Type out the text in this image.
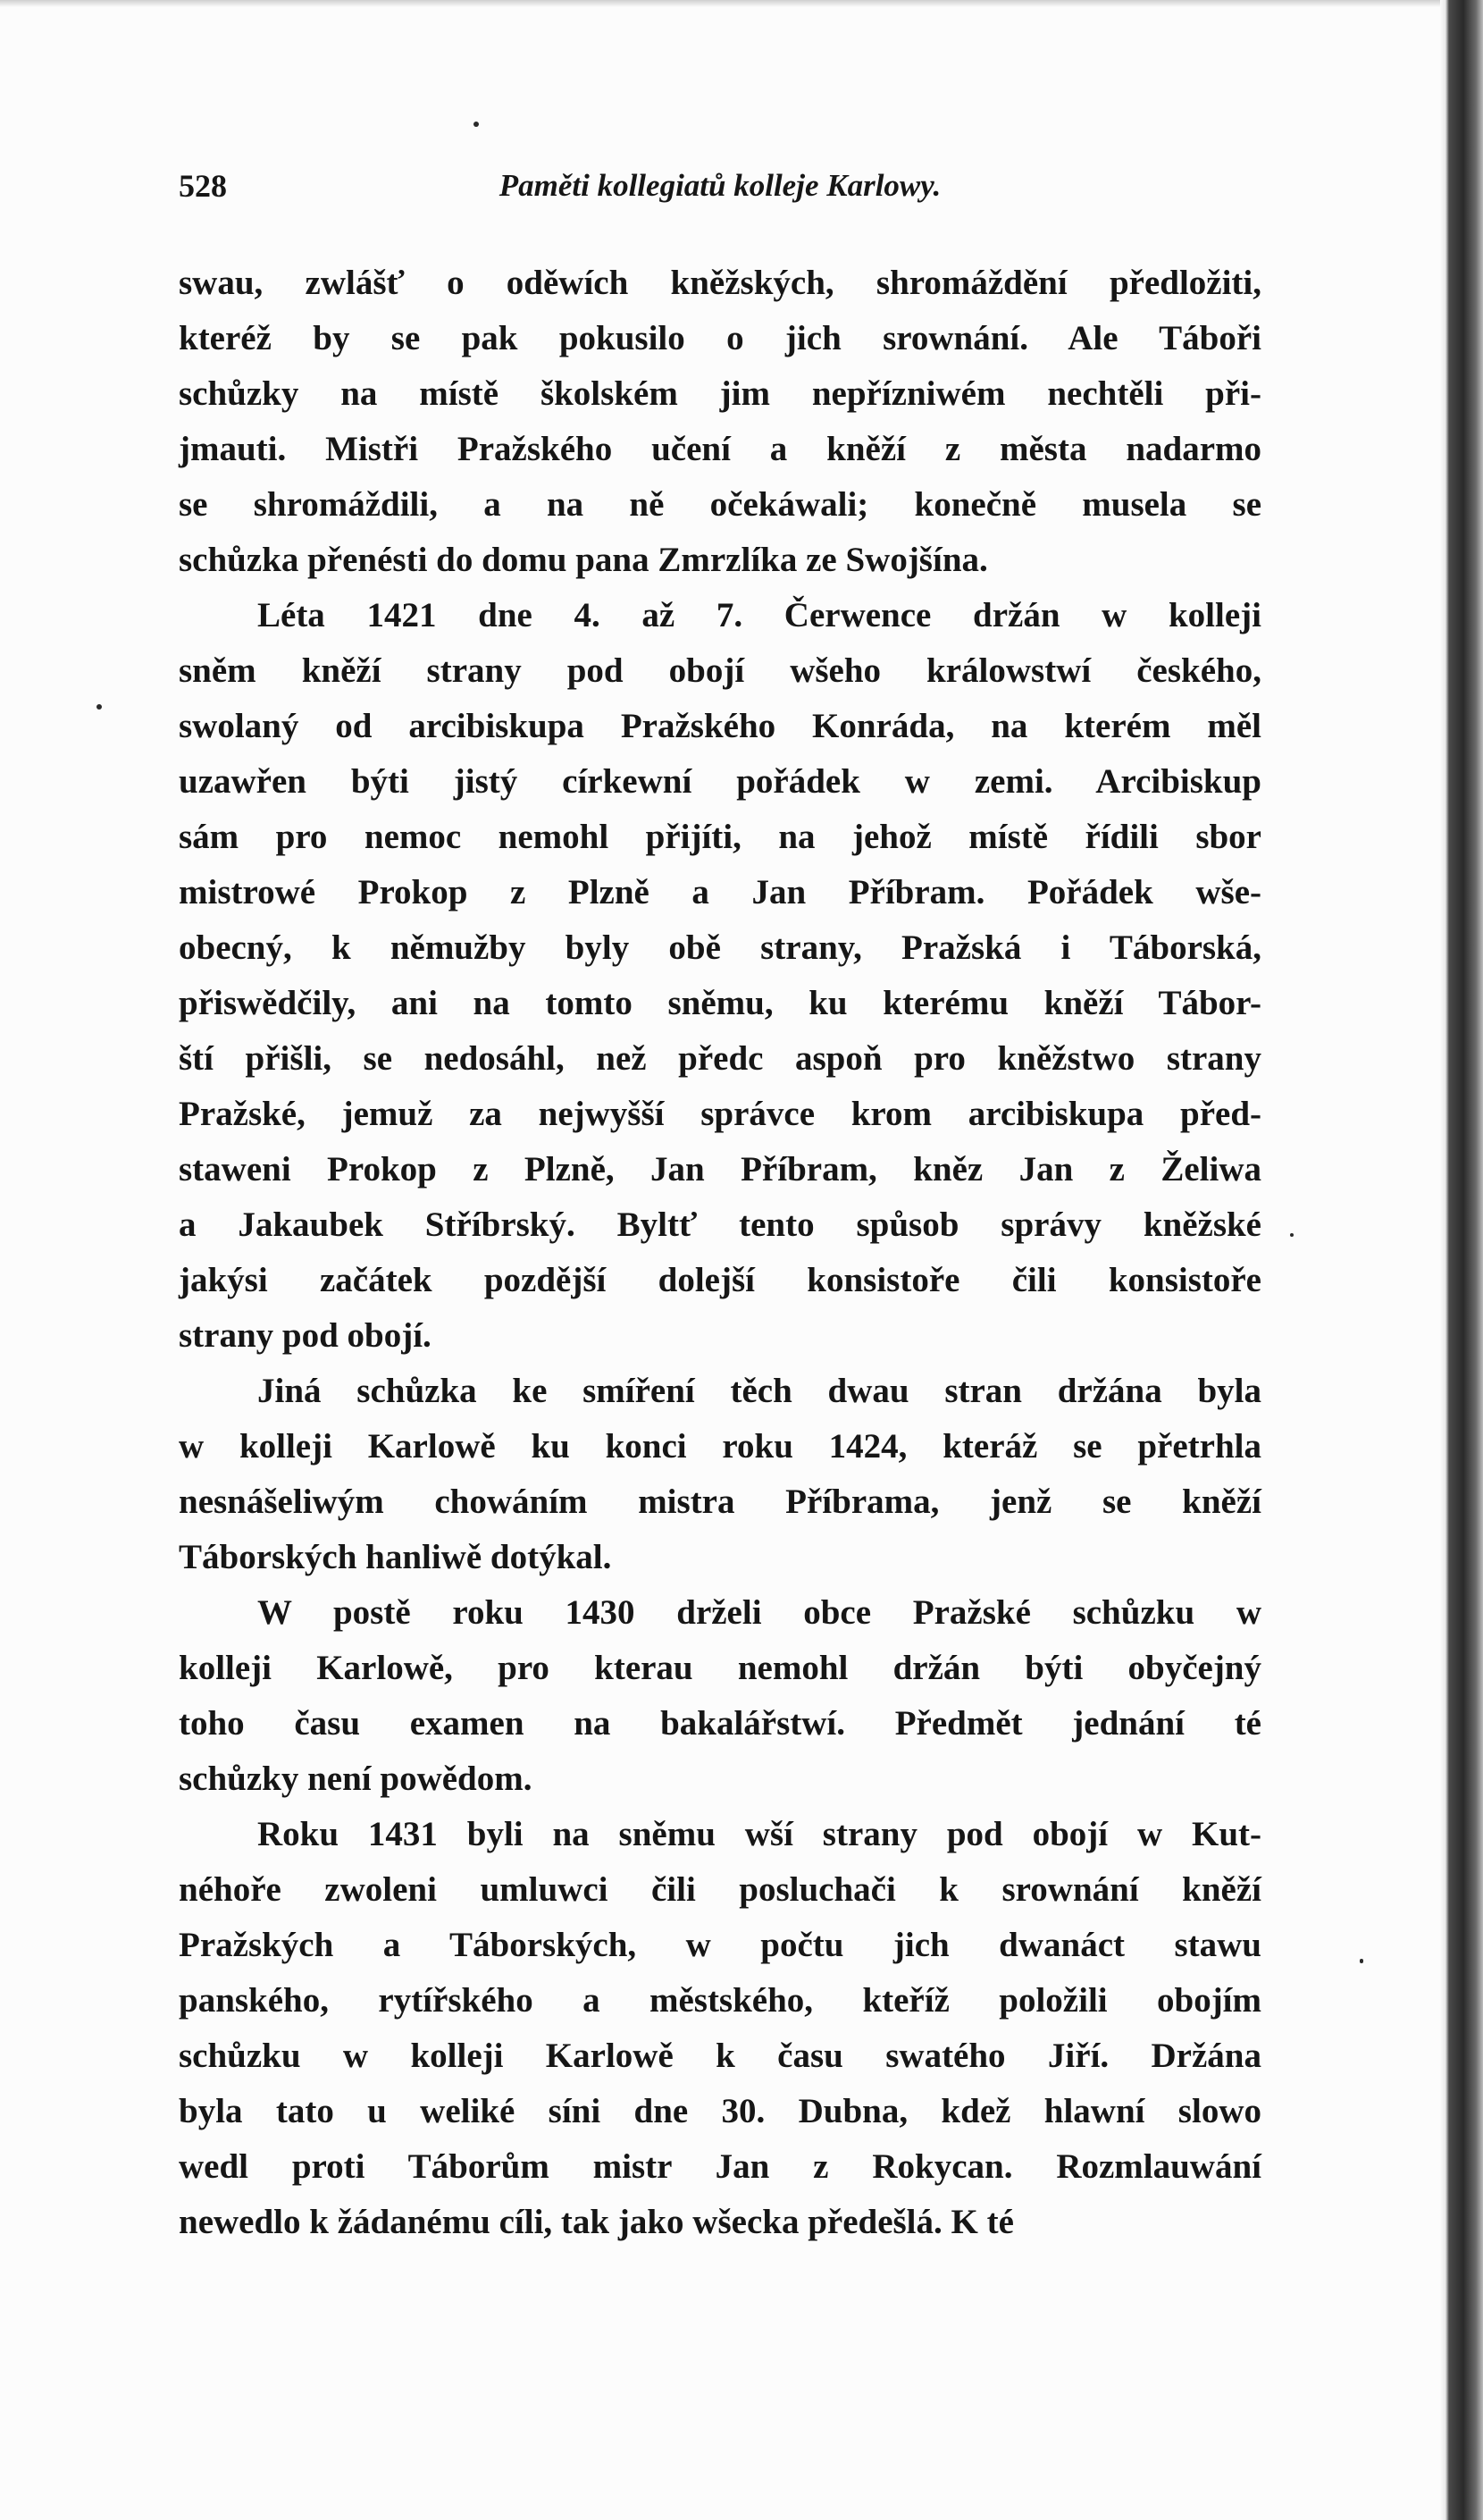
528	Paměti kollegiatů kolleje Karlowy.
swau, zwlášť o oděwích kněžských, shromáždění předložiti,
kteréž by se pak pokusilo o jich srownání. Ale Táboři
schůzky na místě školském jim nepřízniwém nechtěli při-
jmauti. Mistři Pražského učení a kněží z města nadarmo
se shromáždili, a na ně očekáwali; konečně musela se
schůzka přenésti do domu pana Zmrzlíka ze Swojšína.
Léta 1421 dne 4. až 7. Čerwence držán w kolleji
sněm kněží strany pod obojí wšeho králowstwí českého,
swolaný od arcibiskupa Pražského Konráda, na kterém měl
uzawřen býti jistý církewní pořádek w zemi. Arcibiskup
sám pro nemoc nemohl přijíti, na jehož místě řídili sbor
mistrowé Prokop z Plzně a Jan Příbram. Pořádek wše-
obecný, k němužby byly obě strany, Pražská i Táborská,
přiswědčily, ani na tomto sněmu, ku kterému kněží Tábor-
ští přišli, se nedosáhl, než předc aspoň pro kněžstwo strany
Pražské, jemuž za nejwyšší správce krom arcibiskupa před-
staweni Prokop z Plzně, Jan Příbram, kněz Jan z Želiwa
a Jakaubek Stříbrský. Byltť tento spůsob správy kněžské
jakýsi začátek pozdější dolejší konsistoře čili konsistoře
strany pod obojí.
Jiná schůzka ke smíření těch dwau stran držána byla
w kolleji Karlowě ku konci roku 1424, kteráž se přetrhla
nesnášeliwým chowáním mistra Příbrama, jenž se kněží
Táborských hanliwě dotýkal.
W postě roku 1430 drželi obce Pražské schůzku w
kolleji Karlowě, pro kterau nemohl držán býti obyčejný
toho času examen na bakalářstwí. Předmět jednání té
schůzky není powědom.
Roku 1431 byli na sněmu wší strany pod obojí w Kut-
néhoře zwoleni umluwci čili posluchači k srownání kněží
Pražských a Táborských, w počtu jich dwanáct stawu
panského, rytířského a městského, kteříž položili obojím
schůzku w kolleji Karlowě k času swatého Jiří. Držána
byla tato u weliké síni dne 30. Dubna, kdež hlawní slowo
wedl proti Táborům mistr Jan z Rokycan. Rozmlauwání
newedlo k žádanému cíli, tak jako wšecka předešlá. K té
